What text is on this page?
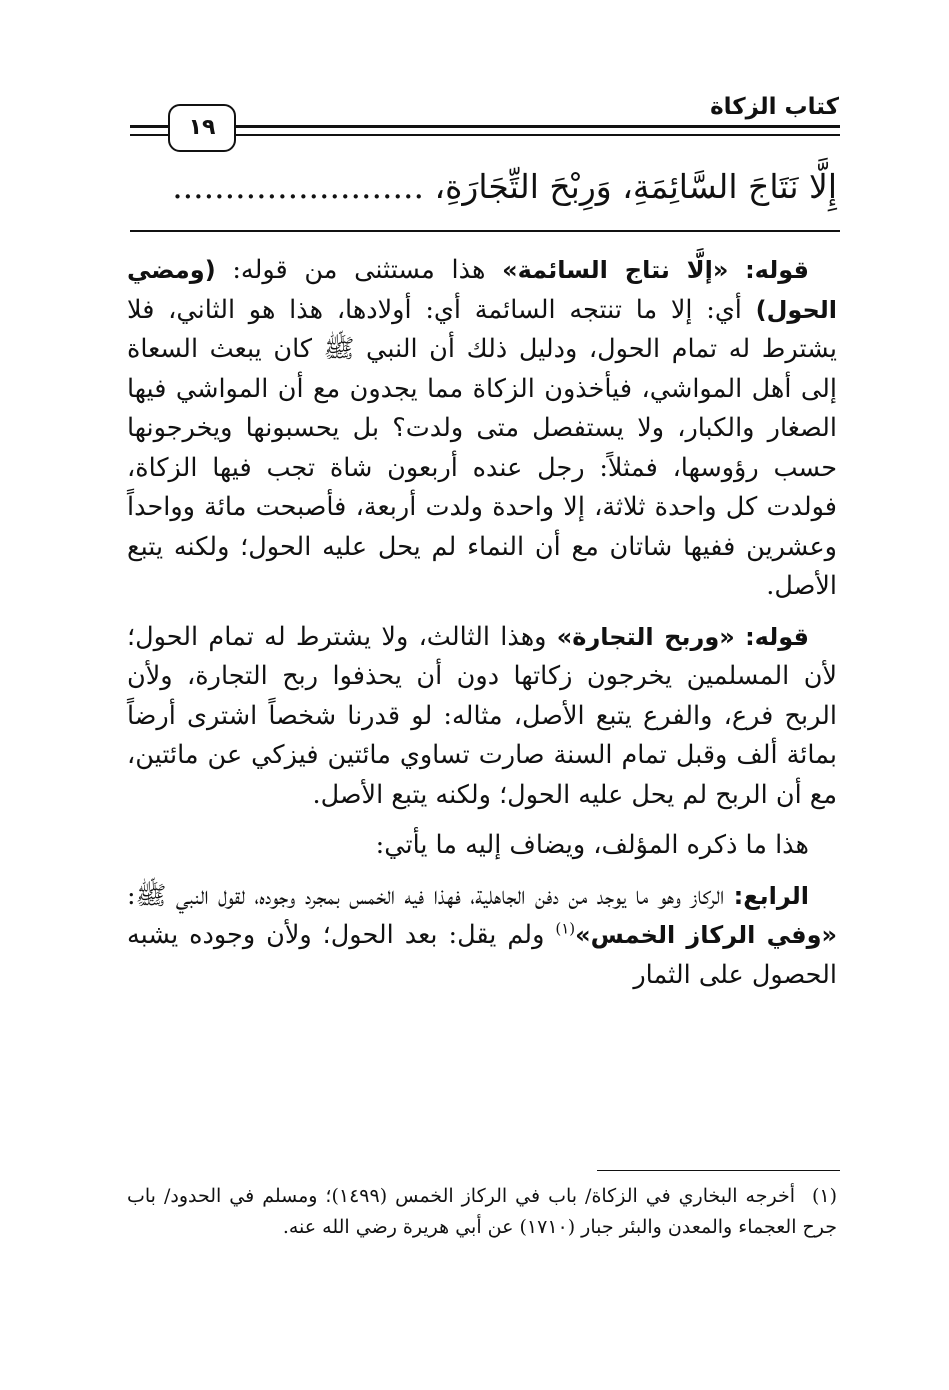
كتاب الزكاة
١٩
إِلَّا نَتَاجَ السَّائِمَةِ، وَرِبْحَ التِّجَارَةِ، ........................

قوله: «إلَّا نتاج السائمة» هذا مستثنى من قوله: (ومضي الحول) أي: إلا ما تنتجه السائمة أي: أولادها، هذا هو الثاني، فلا يشترط له تمام الحول، ودليل ذلك أن النبي ﷺ كان يبعث السعاة إلى أهل المواشي، فيأخذون الزكاة مما يجدون مع أن المواشي فيها الصغار والكبار، ولا يستفصل متى ولدت؟ بل يحسبونها ويخرجونها حسب رؤوسها، فمثلاً: رجل عنده أربعون شاة تجب فيها الزكاة، فولدت كل واحدة ثلاثة، إلا واحدة ولدت أربعة، فأصبحت مائة وواحداً وعشرين ففيها شاتان مع أن النماء لم يحل عليه الحول؛ ولكنه يتبع الأصل.

قوله: «وربح التجارة» وهذا الثالث، ولا يشترط له تمام الحول؛ لأن المسلمين يخرجون زكاتها دون أن يحذفوا ربح التجارة، ولأن الربح فرع، والفرع يتبع الأصل، مثاله: لو قدرنا شخصاً اشترى أرضاً بمائة ألف وقبل تمام السنة صارت تساوي مائتين فيزكي عن مائتين، مع أن الربح لم يحل عليه الحول؛ ولكنه يتبع الأصل.

هذا ما ذكره المؤلف، ويضاف إليه ما يأتي:

الرابع: الركاز وهو ما يوجد من دفن الجاهلية، فهذا فيه الخمس بمجرد وجوده، لقول النبي ﷺ: «وفي الركاز الخمس»$^{(١)}$ ولم يقل: بعد الحول؛ ولأن وجوده يشبه الحصول على الثمار

(١)أخرجه البخاري في الزكاة/ باب في الركاز الخمس (١٤٩٩)؛ ومسلم في الحدود/ باب جرح العجماء والمعدن والبئر جبار (١٧١٠) عن أبي هريرة رضي الله عنه.
